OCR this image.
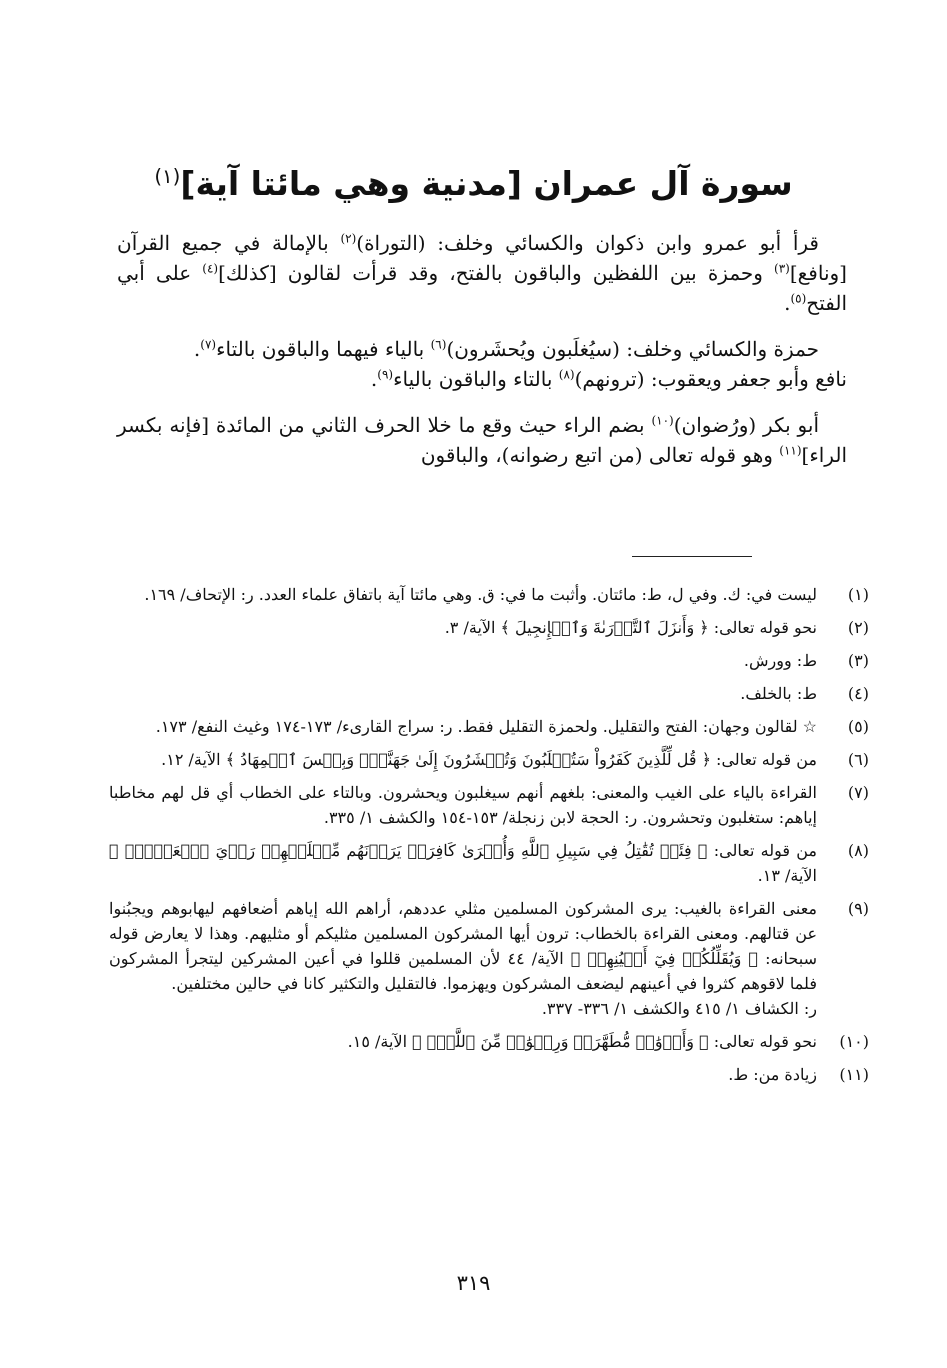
سورة آل عمران [مدنية وهي مائتا آية]$^{(١)}$

قرأ أبو عمرو وابن ذكوان والكسائي وخلف: (التوراة)$^{(٢)}$ بالإمالة في جميع القرآن [ونافع]$^{(٣)}$ وحمزة بين اللفظين والباقون بالفتح، وقد قرأت لقالون [كذلك]$^{(٤)}$ على أبي الفتح$^{(٥)}$.

حمزة والكسائي وخلف: (سيُغلَبون ويُحشَرون)$^{(٦)}$ بالياء فيهما والباقون بالتاء$^{(٧)}$.

نافع وأبو جعفر ويعقوب: (ترونهم)$^{(٨)}$ بالتاء والباقون بالياء$^{(٩)}$.

أبو بكر (ورُضوان)$^{(١٠)}$ بضم الراء حيث وقع ما خلا الحرف الثاني من المائدة [فإنه بكسر الراء]$^{(١١)}$ وهو قوله تعالى (من اتبع رضوانه)، والباقون

(١)
ليست في: ك. وفي ل، ط: مائتان. وأثبت ما في: ق. وهي مائتا آية باتفاق علماء العدد. ر: الإتحاف/ ١٦٩.
(٢)
نحو قوله تعالى: ﴿ وَأَنزَلَ ٱلتَّوۡرَىٰةَ وَٱلۡإِنجِيلَ ﴾ الآية/ ٣.
(٣)
ط: وورش.
(٤)
ط: بالخلف.
(٥)
☆ لقالون وجهان: الفتح والتقليل. ولحمزة التقليل فقط. ر: سراج القارىء/ ١٧٣-١٧٤ وغيث النفع/ ١٧٣.
(٦)
من قوله تعالى: ﴿ قُل لِّلَّذِينَ كَفَرُواْ سَتُغۡلَبُونَ وَتُحۡشَرُونَ إِلَىٰ جَهَنَّمَۖ وَبِئۡسَ ٱلۡمِهَادُ ﴾ الآية/ ١٢.
(٧)
القراءة بالياء على الغيب والمعنى: بلغهم أنهم سيغلبون ويحشرون. وبالتاء على الخطاب أي قل لهم مخاطبا إياهم: ستغلبون وتحشرون. ر: الحجة لابن زنجلة/ ١٥٣-١٥٤ والكشف ١/ ٣٣٥.
(٨)
من قوله تعالى: ﴿ فِئَةٞ تُقَٰتِلُ فِي سَبِيلِ ٱللَّهِ وَأُخۡرَىٰ كَافِرَةٞ يَرَوۡنَهُم مِّثۡلَيۡهِمۡ رَأۡيَ ٱلۡعَيۡنِۚ ﴾ الآية/ ١٣.
(٩)
معنى القراءة بالغيب: يرى المشركون المسلمين مثلي عددهم، أراهم الله إياهم أضعافهم ليهابوهم ويجبُنوا عن قتالهم. ومعنى القراءة بالخطاب: ترون أيها المشركون المسلمين مثليكم أو مثليهم. وهذا لا يعارض قوله سبحانه: ﴿ وَيُقَلِّلُكُمۡ فِيٓ أَعۡيُنِهِمۡ ﴾ الآية/ ٤٤ لأن المسلمين قللوا في أعين المشركين ليتجرأ المشركون فلما لاقوهم كثروا في أعينهم ليضعف المشركون ويهزموا. فالتقليل والتكثير كانا في حالين مختلفين.
ر: الكشاف ١/ ٤١٥ والكشف ١/ ٣٣٦- ٣٣٧.
(١٠)
نحو قوله تعالى: ﴿ وَأَزۡوَٰجٞ مُّطَهَّرَةٞ وَرِضۡوَٰنٞ مِّنَ ٱللَّهِۗ ﴾ الآية/ ١٥.
(١١)
زيادة من: ط.
٣١٩
